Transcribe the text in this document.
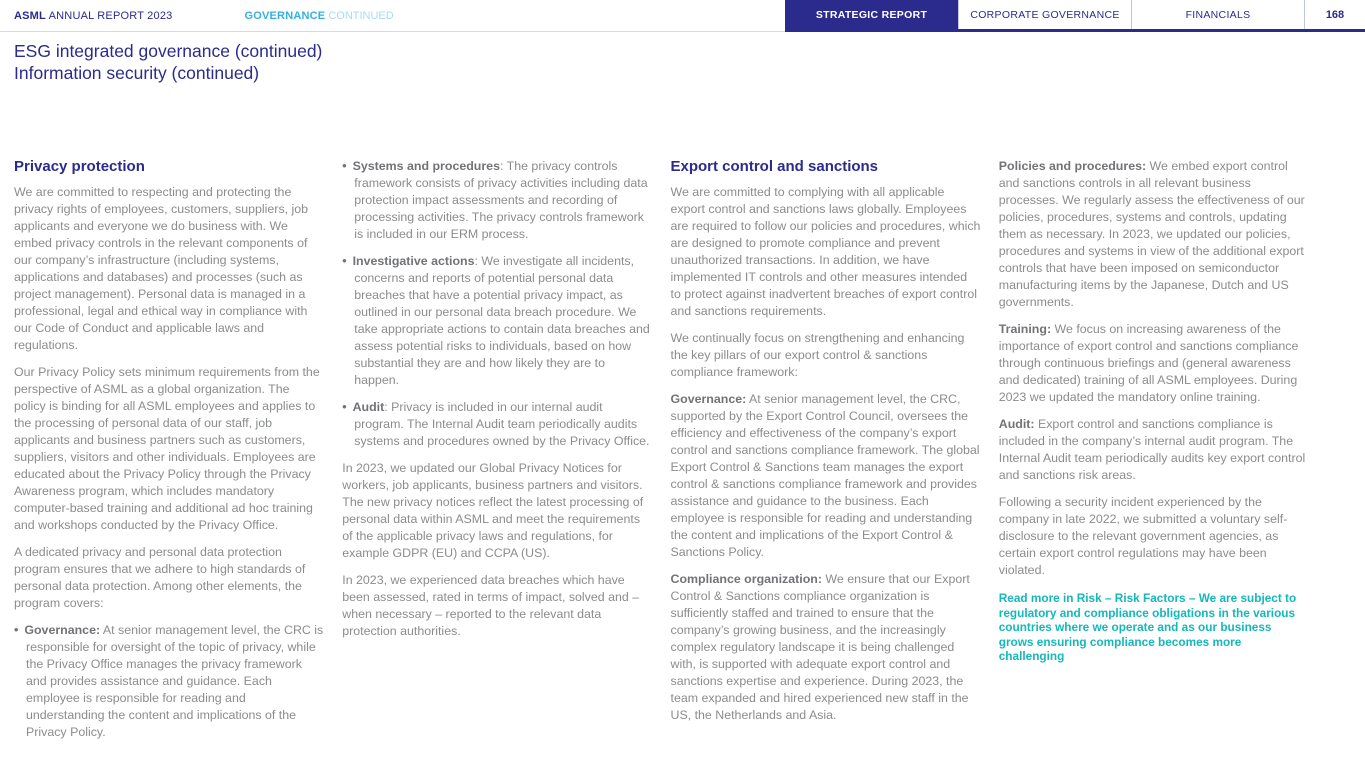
ASML ANNUAL REPORT 2023	GOVERNANCE CONTINUED	STRATEGIC REPORT	CORPORATE GOVERNANCE	FINANCIALS	168
ESG integrated governance (continued)
Information security (continued)
Privacy protection

We are committed to respecting and protecting the privacy rights of employees, customers, suppliers, job applicants and everyone we do business with. We embed privacy controls in the relevant components of our company’s infrastructure (including systems, applications and databases) and processes (such as project management). Personal data is managed in a professional, legal and ethical way in compliance with our Code of Conduct and applicable laws and regulations.

Our Privacy Policy sets minimum requirements from the perspective of ASML as a global organization. The policy is binding for all ASML employees and applies to the processing of personal data of our staff, job applicants and business partners such as customers, suppliers, visitors and other individuals. Employees are educated about the Privacy Policy through the Privacy Awareness program, which includes mandatory computer-based training and additional ad hoc training and workshops conducted by the Privacy Office.

A dedicated privacy and personal data protection program ensures that we adhere to high standards of personal data protection. Among other elements, the program covers:

• Governance: At senior management level, the CRC is responsible for oversight of the topic of privacy, while the Privacy Office manages the privacy framework and provides assistance and guidance. Each employee is responsible for reading and understanding the content and implications of the Privacy Policy.

• Systems and procedures: The privacy controls framework consists of privacy activities including data protection impact assessments and recording of processing activities. The privacy controls framework is included in our ERM process.

• Investigative actions: We investigate all incidents, concerns and reports of potential personal data breaches that have a potential privacy impact, as outlined in our personal data breach procedure. We take appropriate actions to contain data breaches and assess potential risks to individuals, based on how substantial they are and how likely they are to happen.

• Audit: Privacy is included in our internal audit program. The Internal Audit team periodically audits systems and procedures owned by the Privacy Office.

In 2023, we updated our Global Privacy Notices for workers, job applicants, business partners and visitors. The new privacy notices reflect the latest processing of personal data within ASML and meet the requirements of the applicable privacy laws and regulations, for example GDPR (EU) and CCPA (US).

In 2023, we experienced data breaches which have been assessed, rated in terms of impact, solved and – when necessary – reported to the relevant data protection authorities.

Export control and sanctions

We are committed to complying with all applicable export control and sanctions laws globally. Employees are required to follow our policies and procedures, which are designed to promote compliance and prevent unauthorized transactions. In addition, we have implemented IT controls and other measures intended to protect against inadvertent breaches of export control and sanctions requirements.

We continually focus on strengthening and enhancing the key pillars of our export control & sanctions compliance framework:

Governance: At senior management level, the CRC, supported by the Export Control Council, oversees the efficiency and effectiveness of the company’s export control and sanctions compliance framework. The global Export Control & Sanctions team manages the export control & sanctions compliance framework and provides assistance and guidance to the business. Each employee is responsible for reading and understanding the content and implications of the Export Control & Sanctions Policy.

Compliance organization: We ensure that our Export Control & Sanctions compliance organization is sufficiently staffed and trained to ensure that the company’s growing business, and the increasingly complex regulatory landscape it is being challenged with, is supported with adequate export control and sanctions expertise and experience. During 2023, the team expanded and hired experienced new staff in the US, the Netherlands and Asia.

Policies and procedures: We embed export control and sanctions controls in all relevant business processes. We regularly assess the effectiveness of our policies, procedures, systems and controls, updating them as necessary. In 2023, we updated our policies, procedures and systems in view of the additional export controls that have been imposed on semiconductor manufacturing items by the Japanese, Dutch and US governments.

Training: We focus on increasing awareness of the importance of export control and sanctions compliance through continuous briefings and (general awareness and dedicated) training of all ASML employees. During 2023 we updated the mandatory online training.

Audit: Export control and sanctions compliance is included in the company’s internal audit program. The Internal Audit team periodically audits key export control and sanctions risk areas.

Following a security incident experienced by the company in late 2022, we submitted a voluntary self-disclosure to the relevant government agencies, as certain export control regulations may have been violated.

Read more in Risk – Risk Factors – We are subject to regulatory and compliance obligations in the various countries where we operate and as our business grows ensuring compliance becomes more challenging
